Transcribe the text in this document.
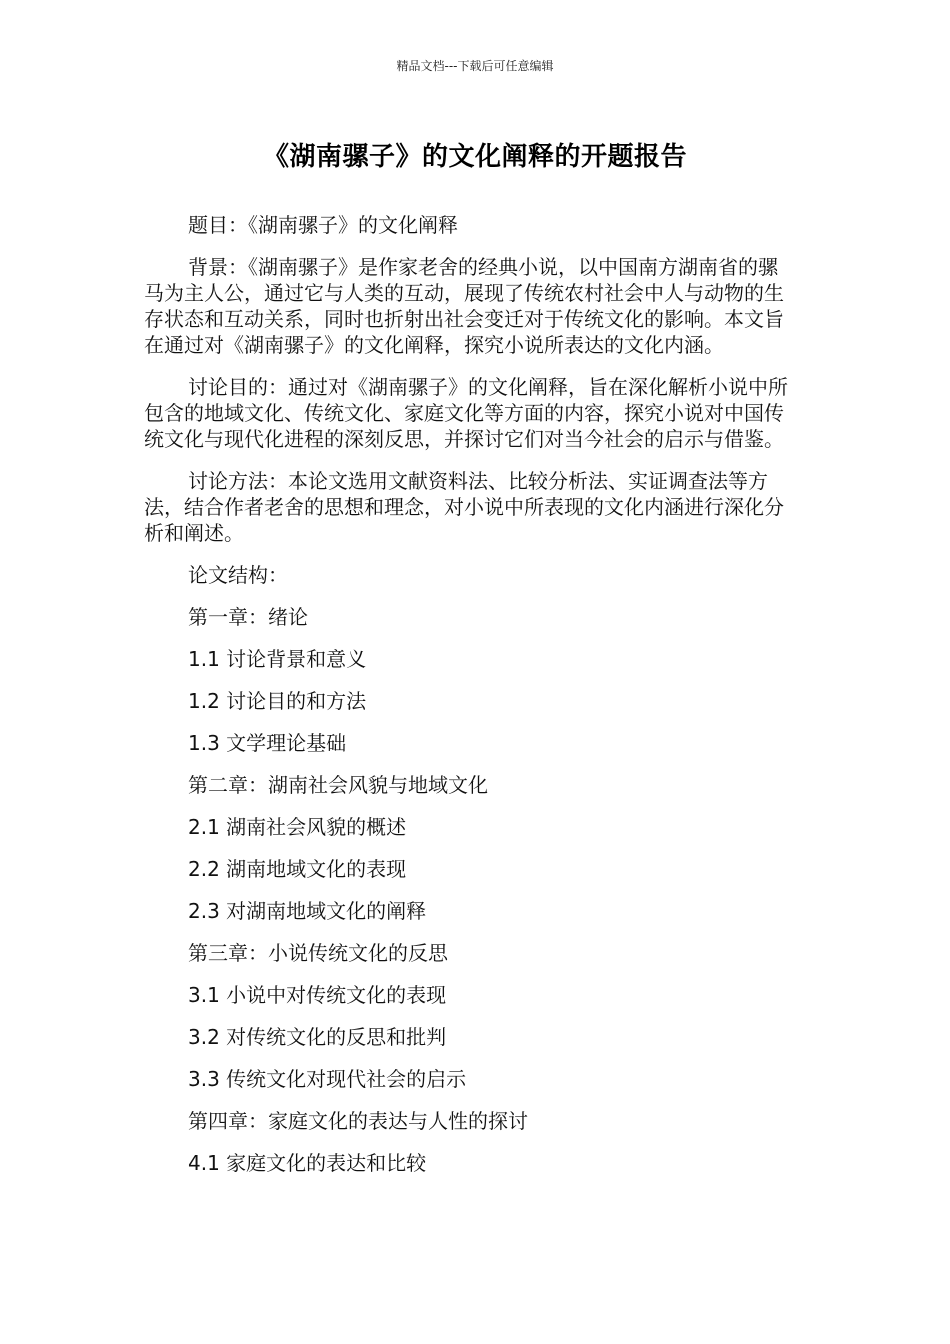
精品文档---下载后可任意编辑
《湖南骡子》的文化阐释的开题报告

题目：《湖南骡子》的文化阐释

背景：《湖南骡子》是作家老舍的经典小说，以中国南方湖南省的骡马为主人公，通过它与人类的互动，展现了传统农村社会中人与动物的生存状态和互动关系，同时也折射出社会变迁对于传统文化的影响。本文旨在通过对《湖南骡子》的文化阐释，探究小说所表达的文化内涵。

讨论目的：通过对《湖南骡子》的文化阐释，旨在深化解析小说中所包含的地域文化、传统文化、家庭文化等方面的内容，探究小说对中国传统文化与现代化进程的深刻反思，并探讨它们对当今社会的启示与借鉴。

讨论方法：本论文选用文献资料法、比较分析法、实证调查法等方法，结合作者老舍的思想和理念，对小说中所表现的文化内涵进行深化分析和阐述。

论文结构：

第一章：绪论

1.1 讨论背景和意义

1.2 讨论目的和方法

1.3 文学理论基础

第二章：湖南社会风貌与地域文化

2.1 湖南社会风貌的概述

2.2 湖南地域文化的表现

2.3 对湖南地域文化的阐释

第三章：小说传统文化的反思

3.1 小说中对传统文化的表现

3.2 对传统文化的反思和批判

3.3 传统文化对现代社会的启示

第四章：家庭文化的表达与人性的探讨

4.1 家庭文化的表达和比较
